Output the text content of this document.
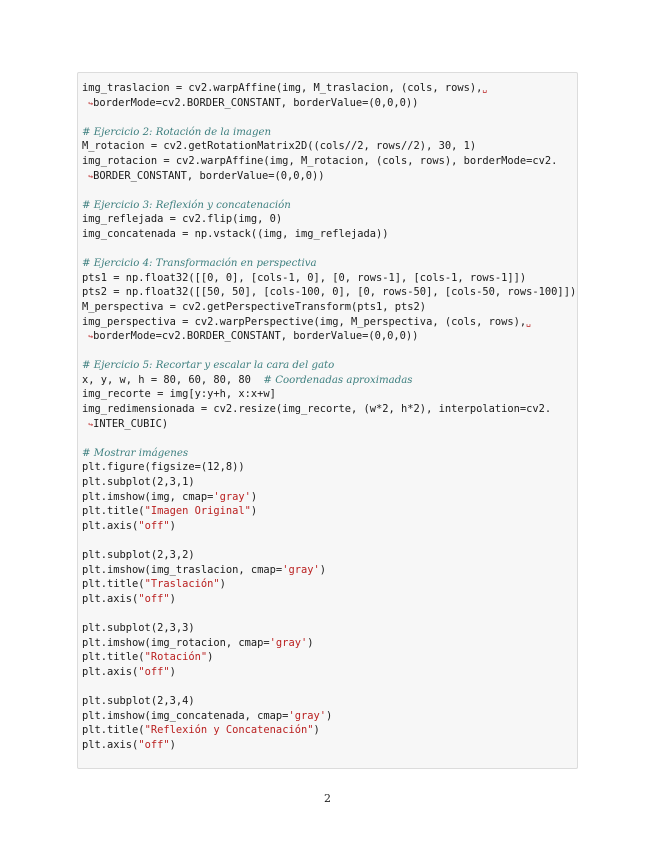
img_traslacion = cv2.warpAffine(img, M_traslacion, (cols, rows),␣
↪borderMode=cv2.BORDER_CONSTANT, borderValue=(0,0,0))
# Ejercicio 2: Rotación de la imagen
M_rotacion = cv2.getRotationMatrix2D((cols//2, rows//2), 30, 1)
img_rotacion = cv2.warpAffine(img, M_rotacion, (cols, rows), borderMode=cv2.
↪BORDER_CONSTANT, borderValue=(0,0,0))
# Ejercicio 3: Reflexión y concatenación
img_reflejada = cv2.flip(img, 0)
img_concatenada = np.vstack((img, img_reflejada))
# Ejercicio 4: Transformación en perspectiva
pts1 = np.float32([[0, 0], [cols-1, 0], [0, rows-1], [cols-1, rows-1]])
pts2 = np.float32([[50, 50], [cols-100, 0], [0, rows-50], [cols-50, rows-100]])
M_perspectiva = cv2.getPerspectiveTransform(pts1, pts2)
img_perspectiva = cv2.warpPerspective(img, M_perspectiva, (cols, rows),␣
↪borderMode=cv2.BORDER_CONSTANT, borderValue=(0,0,0))
# Ejercicio 5: Recortar y escalar la cara del gato
x, y, w, h = 80, 60, 80, 80  # Coordenadas aproximadas
img_recorte = img[y:y+h, x:x+w]
img_redimensionada = cv2.resize(img_recorte, (w*2, h*2), interpolation=cv2.
↪INTER_CUBIC)
# Mostrar imágenes
plt.figure(figsize=(12,8))
plt.subplot(2,3,1)
plt.imshow(img, cmap='gray')
plt.title("Imagen Original")
plt.axis("off")
plt.subplot(2,3,2)
plt.imshow(img_traslacion, cmap='gray')
plt.title("Traslación")
plt.axis("off")
plt.subplot(2,3,3)
plt.imshow(img_rotacion, cmap='gray')
plt.title("Rotación")
plt.axis("off")
plt.subplot(2,3,4)
plt.imshow(img_concatenada, cmap='gray')
plt.title("Reflexión y Concatenación")
plt.axis("off")
2
